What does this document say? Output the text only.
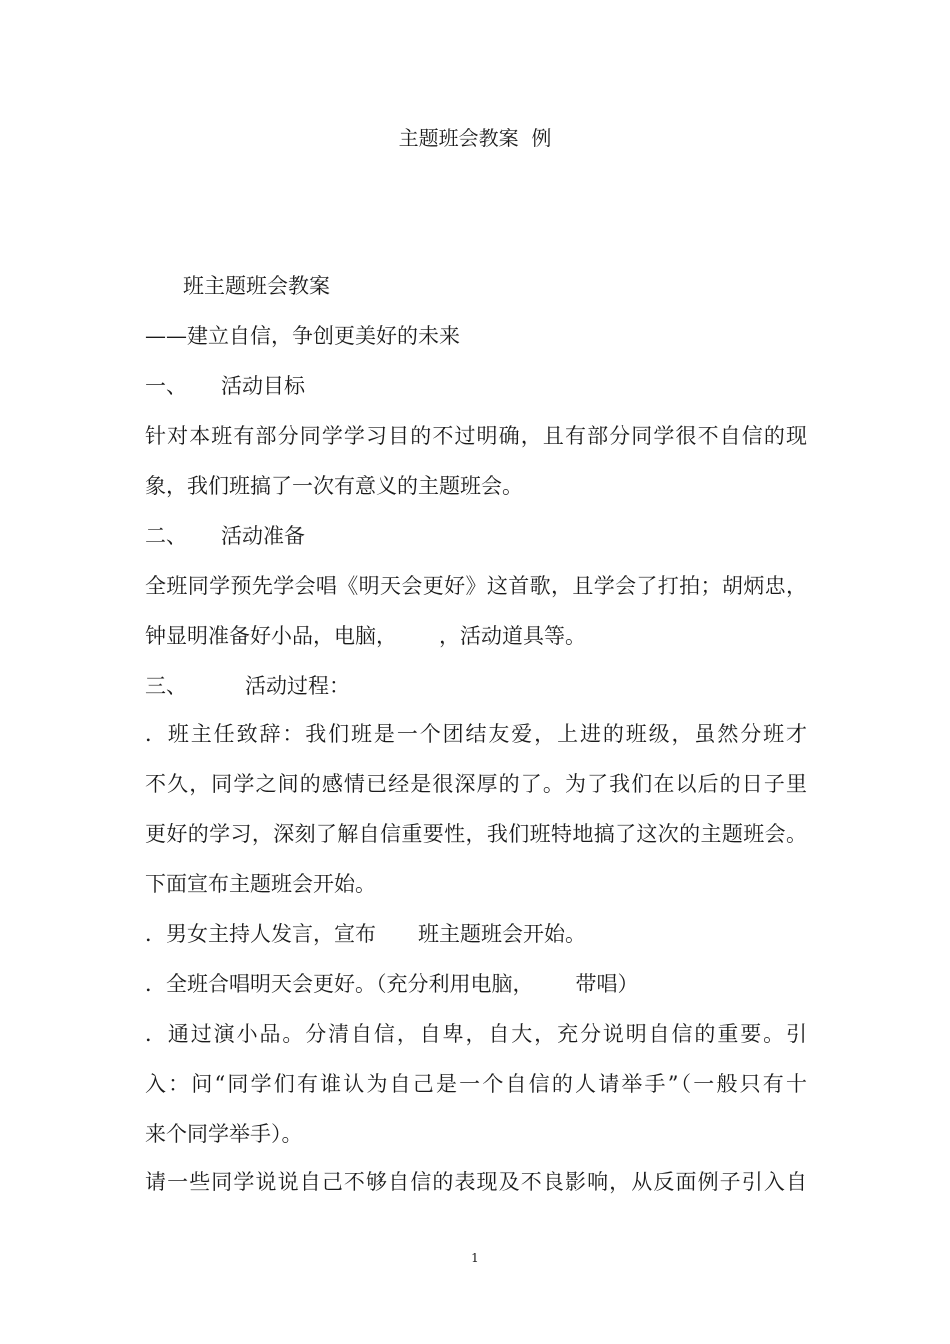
主题班会教案  例
班主题班会教案
——建立自信，争创更美好的未来
一、 活动目标
针对本班有部分同学学习目的不过明确，且有部分同学很不自信的现
象，我们班搞了一次有意义的主题班会。
二、 活动准备
全班同学预先学会唱《明天会更好》这首歌，且学会了打拍；胡炳忠，
钟显明准备好小品，电脑， ，活动道具等。
三、	活动过程：
．班主任致辞：我们班是一个团结友爱，上进的班级，虽然分班才
不久，同学之间的感情已经是很深厚的了。为了我们在以后的日子里
更好的学习，深刻了解自信重要性，我们班特地搞了这次的主题班会。
下面宣布主题班会开始。
．男女主持人发言，宣布 班主题班会开始。
．全班合唱明天会更好。（充分利用电脑， 带唱）
．通过演小品。分清自信，自卑，自大，充分说明自信的重要。引
入：问“同学们有谁认为自己是一个自信的人请举手”（一般只有十
来个同学举手）。
请一些同学说说自己不够自信的表现及不良影响，从反面例子引入自
1
